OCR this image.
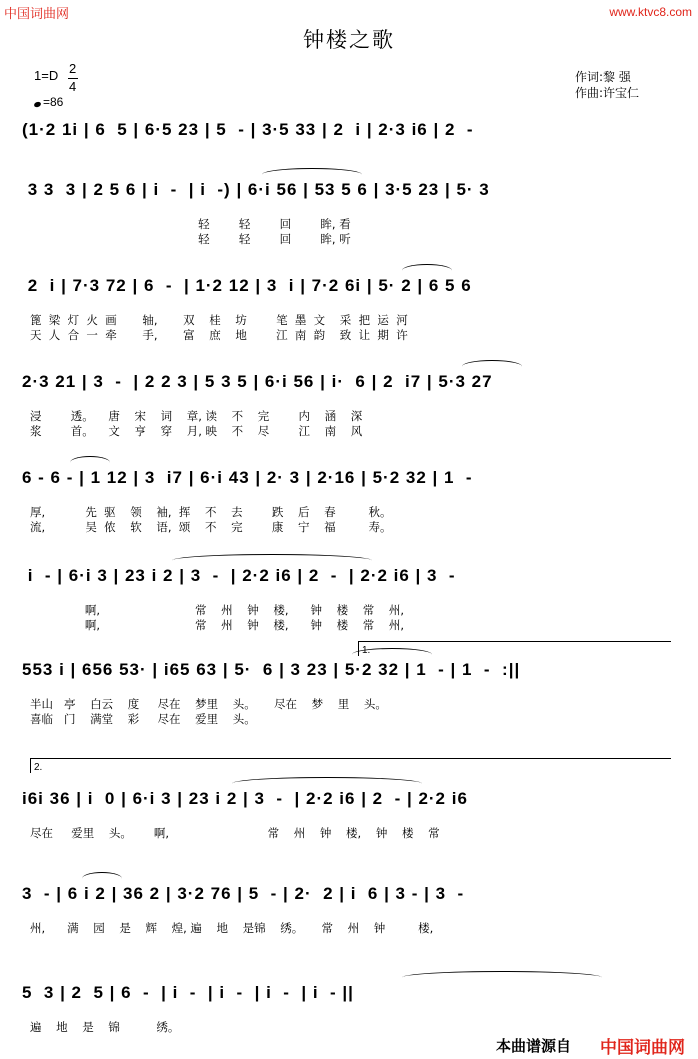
中国词曲网	www.ktvc8.com
钟楼之歌
1=D 2
4
=86
作词:黎 强
作曲:许宝仁
(1·2 1i | 6  5 | 6·5 23 | 5  - | 3·5 33 | 2  i | 2·3 i6 | 2  -
3 3  3 | 2 5 6 | i  -  | i  -) | 6·i 56 | 53 5 6 | 3·5 23 | 5· 3
轻        轻        回        眸, 看
轻        轻        回        眸, 听
2  i | 7·3 72 | 6  -  | 1·2 12 | 3  i | 7·2 6i | 5· 2 | 6 5 6
篦  梁  灯  火  画       轴,       双    桂    坊        笔  墨  文    采  把  运  河
天  人  合  一  牵       手,       富    庶    地        江  南  韵    致  让  期  许
2·3 21 | 3  -  | 2 2 3 | 5 3 5 | 6·i 56 | i·  6 | 2  i7 | 5·3 27
浸        透。    唐    宋    词    章, 读    不    完        内    涵    深
浆        首。    文    亨    穿    月, 映    不    尽        江    南    风
6 - 6 - | 1 12 | 3  i7 | 6·i 43 | 2· 3 | 2·16 | 5·2 32 | 1  -
厚,           先  驱    领    袖,  挥    不    去        跌    后    春         秋。
流,           吴  侬    软    语,  颂    不    完        康    宁    福         寿。
i  - | 6·i 3 | 23 i 2 | 3  -  | 2·2 i6 | 2  -  | 2·2 i6 | 3  -
啊,                          常    州    钟    楼,      钟    楼    常    州,
啊,                          常    州    钟    楼,      钟    楼    常    州,
553 i | 656 53· | i65 63 | 5·  6 | 3 23 | 5·2 32 | 1  - | 1  -  :||
半山   亭    白云    度     尽在    梦里    头。     尽在    梦    里    头。
喜临   门    满堂    彩     尽在    爱里    头。
i6i 36 | i  0 | 6·i 3 | 23 i 2 | 3  -  | 2·2 i6 | 2  - | 2·2 i6
尽在     爱里    头。      啊,                           常    州    钟    楼,    钟    楼    常
3  - | 6 i 2 | 36 2 | 3·2 76 | 5  - | 2·  2 | i  6 | 3 - | 3  -
州,      满    园    是    辉    煌, 遍    地    是锦    绣。     常    州    钟         楼,
5  3 | 2  5 | 6  -  | i  -  | i  -  | i  -  | i  - ||
遍    地    是    锦          绣。
1.
2.
本曲谱源自 中国词曲网
